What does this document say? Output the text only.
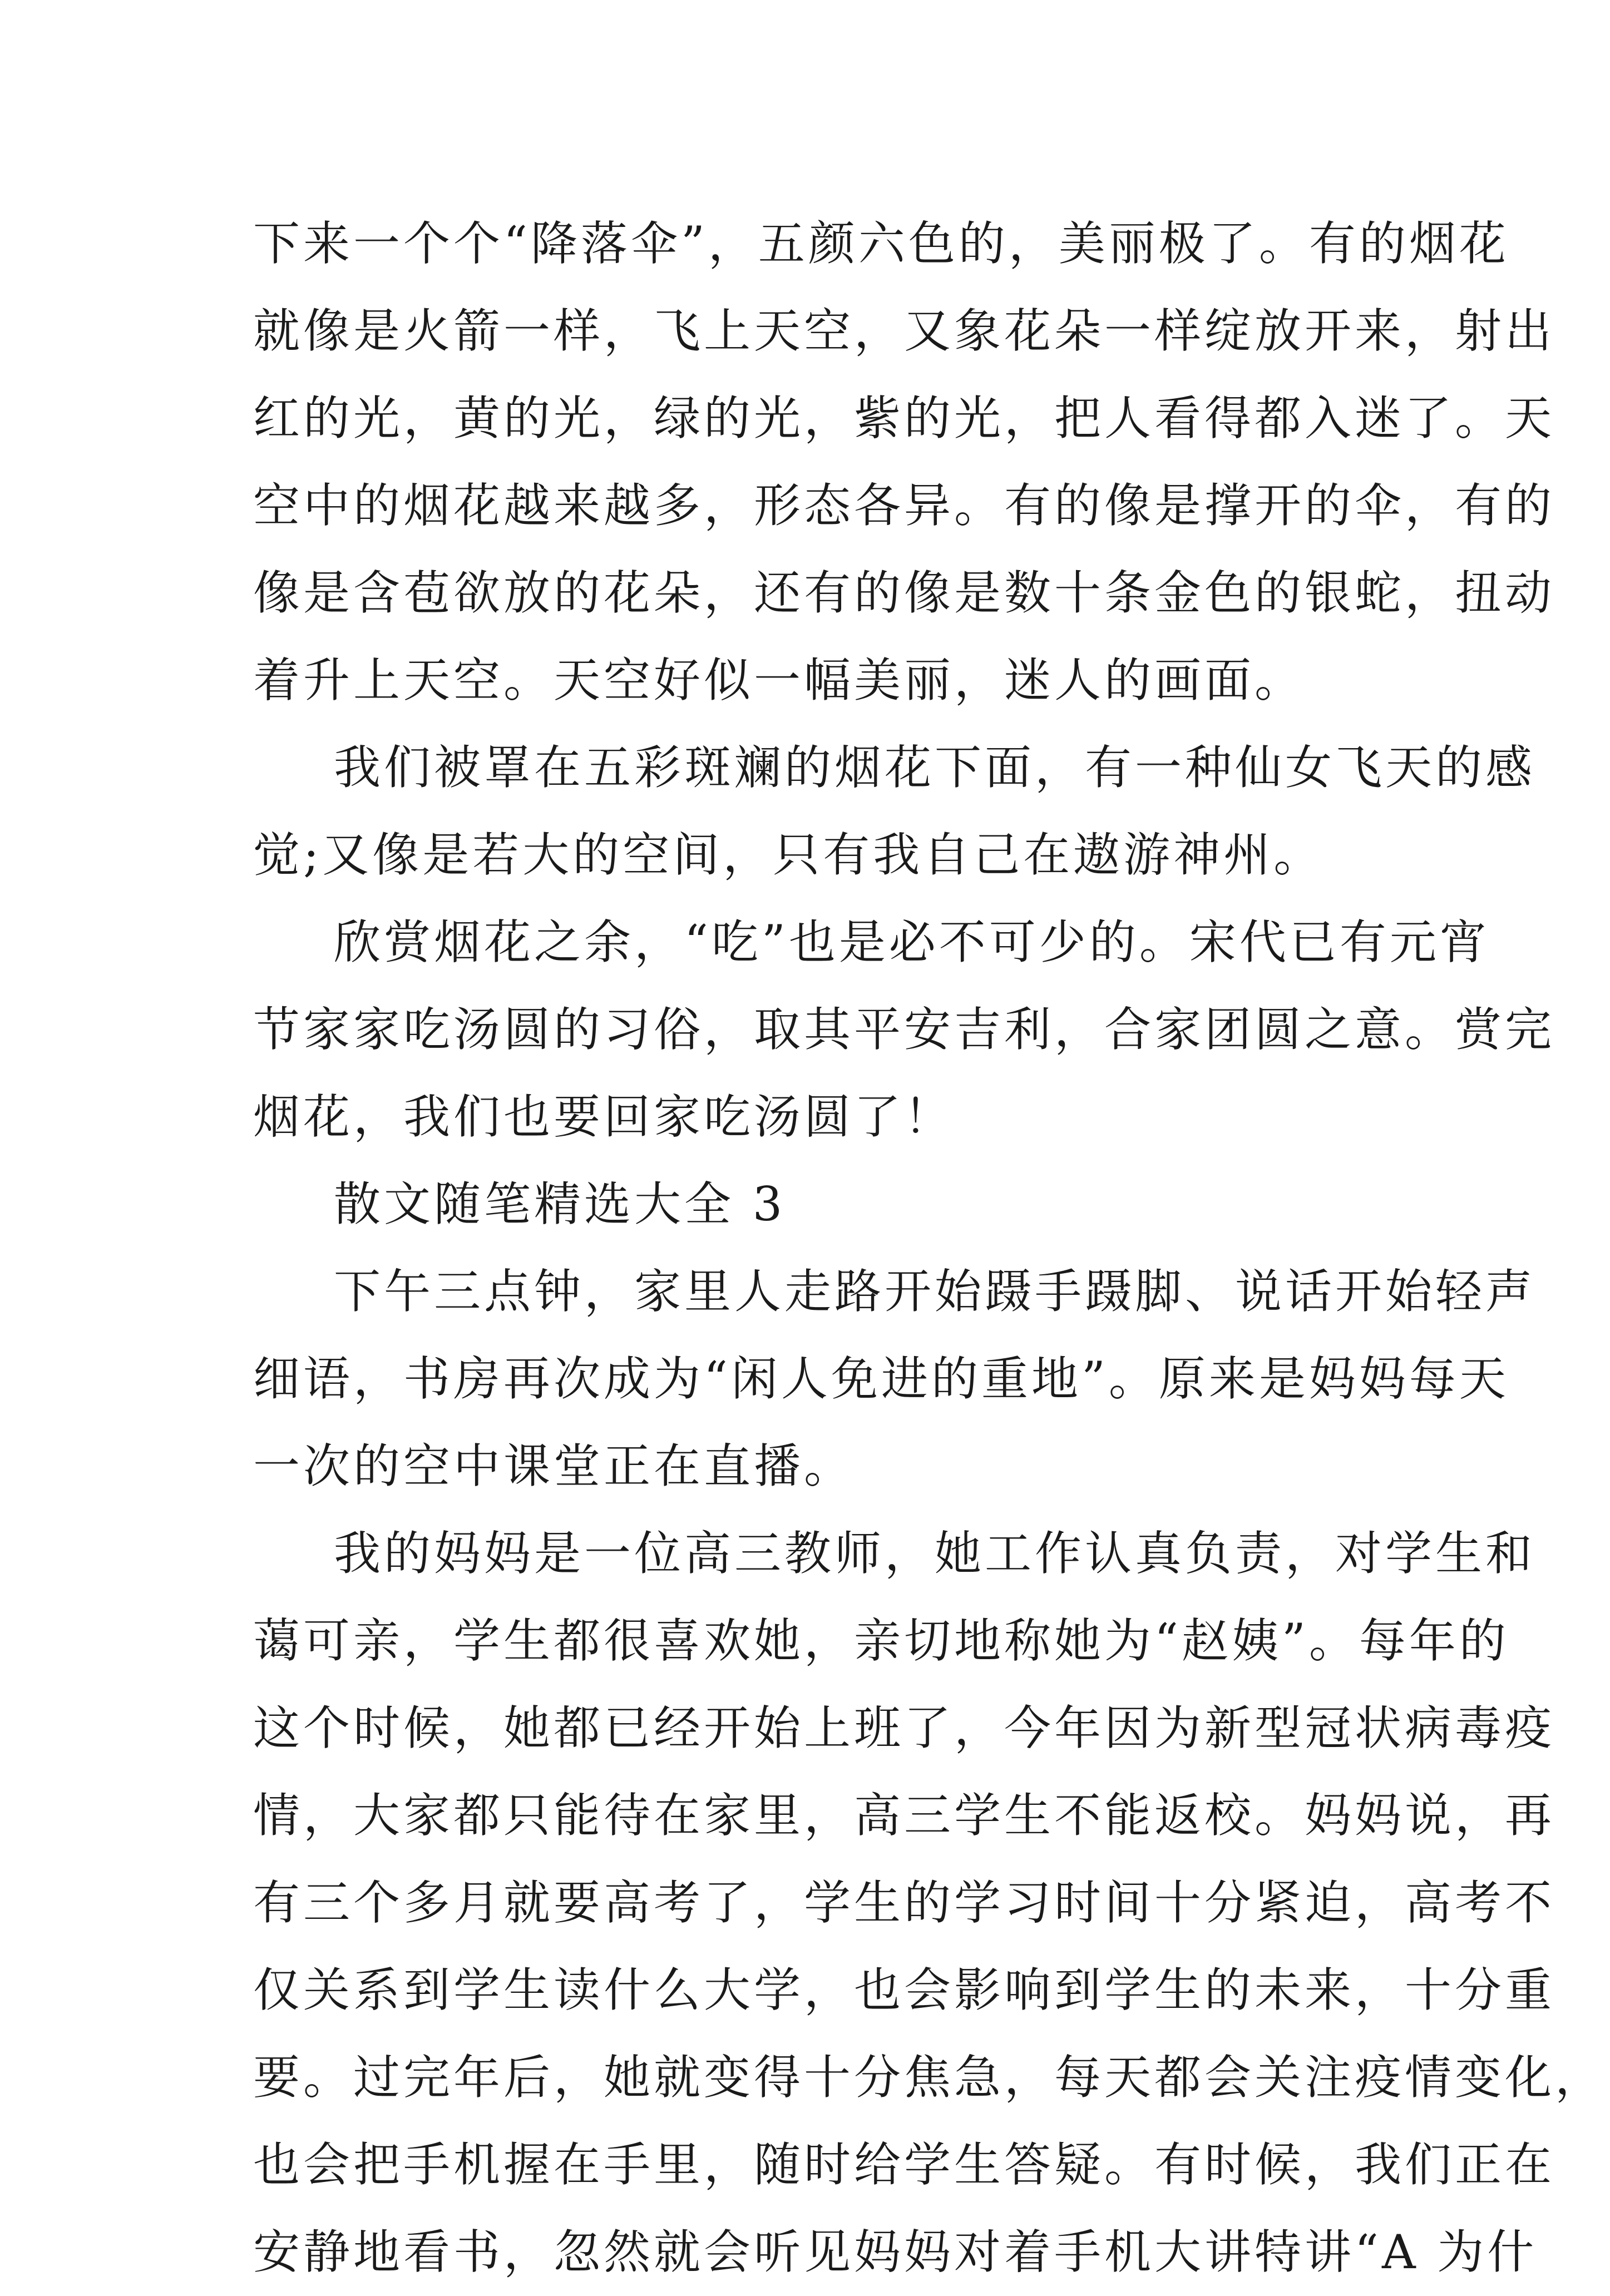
下来一个个“降落伞”，五颜六色的，美丽极了。有的烟花
就像是火箭一样，飞上天空，又象花朵一样绽放开来，射出
红的光，黄的光，绿的光，紫的光，把人看得都入迷了。天
空中的烟花越来越多，形态各异。有的像是撑开的伞，有的
像是含苞欲放的花朵，还有的像是数十条金色的银蛇，扭动
着升上天空。天空好似一幅美丽，迷人的画面。
我们被罩在五彩斑斓的烟花下面，有一种仙女飞天的感
觉;又像是若大的空间，只有我自己在遨游神州。
欣赏烟花之余，“吃”也是必不可少的。宋代已有元宵
节家家吃汤圆的习俗，取其平安吉利，合家团圆之意。赏完
烟花，我们也要回家吃汤圆了！
散文随笔精选大全 3
下午三点钟，家里人走路开始蹑手蹑脚、说话开始轻声
细语，书房再次成为“闲人免进的重地”。原来是妈妈每天
一次的空中课堂正在直播。
我的妈妈是一位高三教师，她工作认真负责，对学生和
蔼可亲，学生都很喜欢她，亲切地称她为“赵姨”。每年的
这个时候，她都已经开始上班了，今年因为新型冠状病毒疫
情，大家都只能待在家里，高三学生不能返校。妈妈说，再
有三个多月就要高考了，学生的学习时间十分紧迫，高考不
仅关系到学生读什么大学，也会影响到学生的未来，十分重
要。过完年后，她就变得十分焦急，每天都会关注疫情变化，
也会把手机握在手里，随时给学生答疑。有时候，我们正在
安静地看书，忽然就会听见妈妈对着手机大讲特讲“A 为什
